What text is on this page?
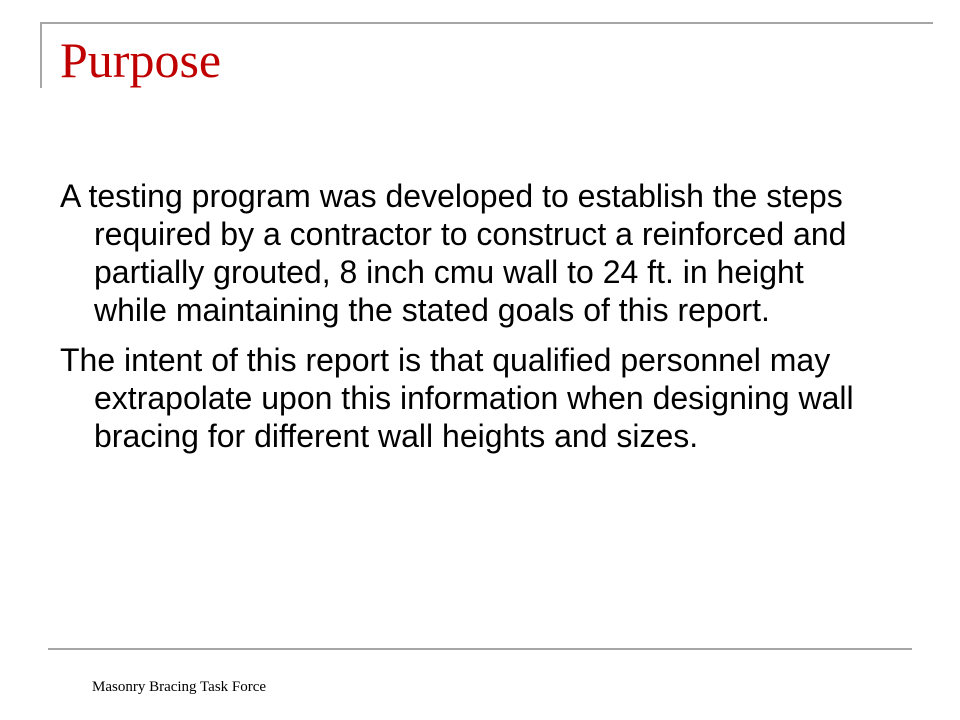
Purpose

A testing program was developed to establish the steps required by a contractor to construct a reinforced and partially grouted, 8 inch cmu wall to 24 ft. in height while maintaining the stated goals of this report.

The intent of this report is that qualified personnel may extrapolate upon this information when designing wall bracing for different wall heights and sizes.

Masonry Bracing Task Force
